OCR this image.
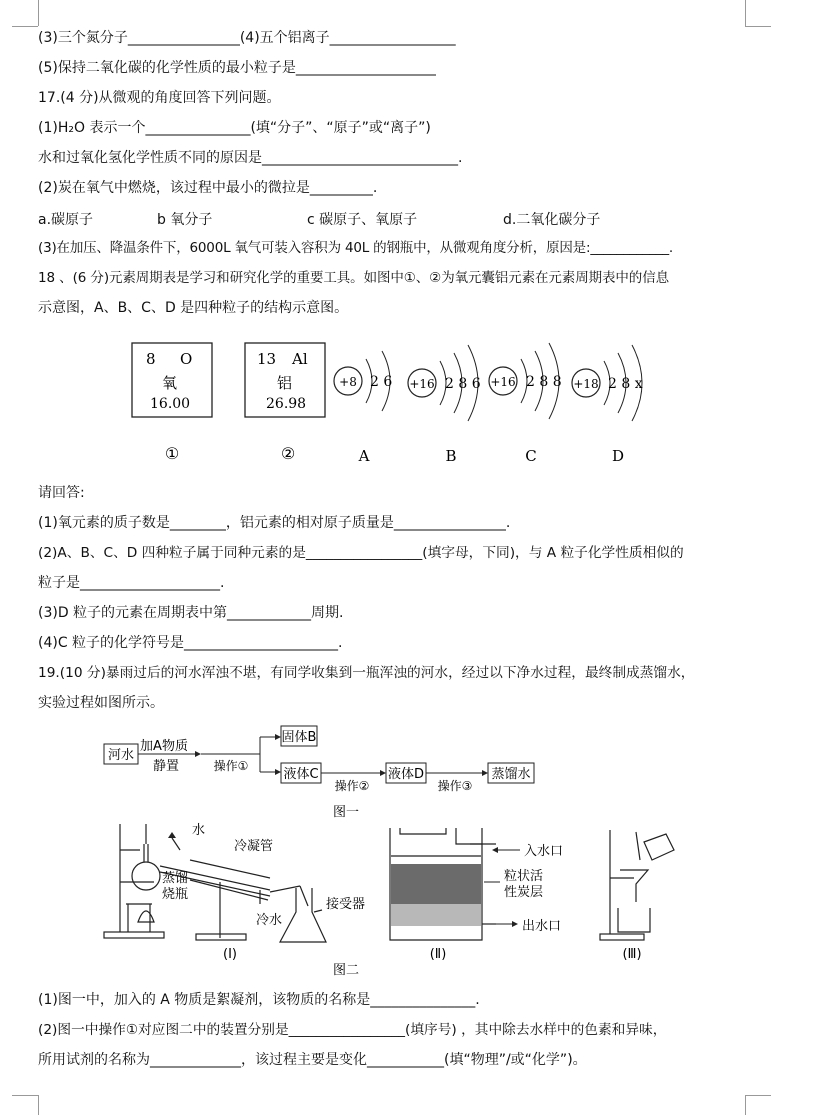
(3)三个氮分子________________(4)五个铝离子__________________
(5)保持二氧化碳的化学性质的最小粒子是____________________
17.(4 分)从微观的角度回答下列问题。
(1)H₂O 表示一个_______________(填“分子”、“原子”或“离子”)
水和过氧化氢化学性质不同的原因是____________________________.
(2)炭在氧气中燃烧，该过程中最小的微拉是_________.
a.碳原子	b 氧分子	c 碳原子、氧原子	d.二氧化碳分子
(3)在加压、降温条件下，6000L 氧气可装入容积为 40L 的钢瓶中，从微观角度分析，原因是:____________.
18 、(6 分)元素周期表是学习和研究化学的重要工具。如图中①、②为氧元囊铝元素在元素周期表中的信息
示意图，A、B、C、D 是四种粒子的结构示意图。
8 O
氧
16.00
①
13 Al
铝
26.98
②
+8 2 6
A
+16 2 8 6
B
+16 2 8 8
C
+18 2 8 x
D
请回答:
(1)氧元素的质子数是________，铝元素的相对原子质量是________________.
(2)A、B、C、D 四种粒子属于同种元素的是_________________(填字母，下同)，与 A 粒子化学性质相似的
粒子是____________________.
(3)D 粒子的元素在周期表中第____________周期.
(4)C 粒子的化学符号是______________________.
19.(10 分)暴雨过后的河水浑浊不堪，有同学收集到一瓶浑浊的河水，经过以下净水过程，最终制成蒸馏水，
实验过程如图所示。
河水
加A物质
静置	操作①
固体B
液体C
操作②
液体D
操作③
蒸馏水
图一
水
冷凝管
蒸馏
烧瓶
冷水
接受器
(Ⅰ)
入水口
粒状活
性炭层
出水口
(Ⅱ)	(Ⅲ)
图二
(1)图一中，加入的 A 物质是絮凝剂，该物质的名称是_______________.
(2)图一中操作①对应图二中的装置分别是_________________(填序号) ，其中除去水样中的色素和异味，
所用试剂的名称为_____________，该过程主要是变化___________(填“物理”/或“化学”)。
